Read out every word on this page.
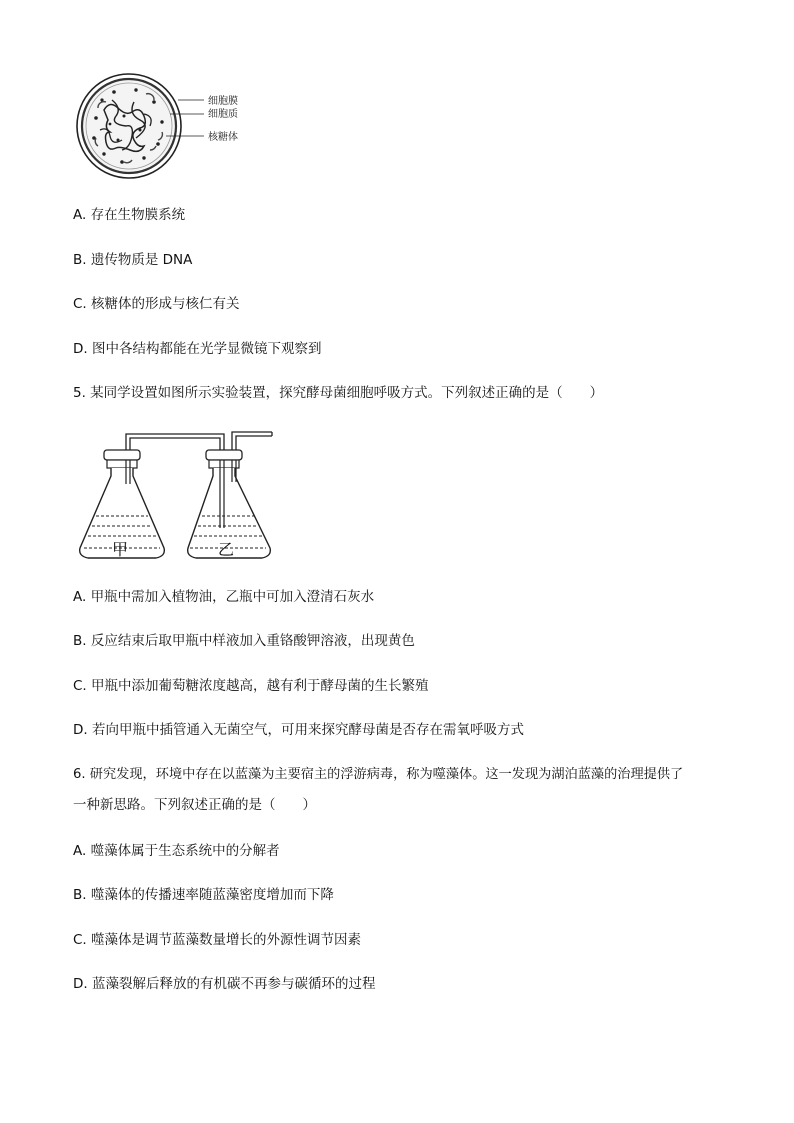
细胞膜
细胞质
核糖体
A. 存在生物膜系统
B. 遗传物质是 DNA
C. 核糖体的形成与核仁有关
D. 图中各结构都能在光学显微镜下观察到
5. 某同学设置如图所示实验装置，探究酵母菌细胞呼吸方式。下列叙述正确的是（　　）
甲	乙
A. 甲瓶中需加入植物油，乙瓶中可加入澄清石灰水
B. 反应结束后取甲瓶中样液加入重铬酸钾溶液，出现黄色
C. 甲瓶中添加葡萄糖浓度越高，越有利于酵母菌的生长繁殖
D. 若向甲瓶中插管通入无菌空气，可用来探究酵母菌是否存在需氧呼吸方式
6. 研究发现，环境中存在以蓝藻为主要宿主的浮游病毒，称为噬藻体。这一发现为湖泊蓝藻的治理提供了
一种新思路。下列叙述正确的是（　　）
A. 噬藻体属于生态系统中的分解者
B. 噬藻体的传播速率随蓝藻密度增加而下降
C. 噬藻体是调节蓝藻数量增长的外源性调节因素
D. 蓝藻裂解后释放的有机碳不再参与碳循环的过程
